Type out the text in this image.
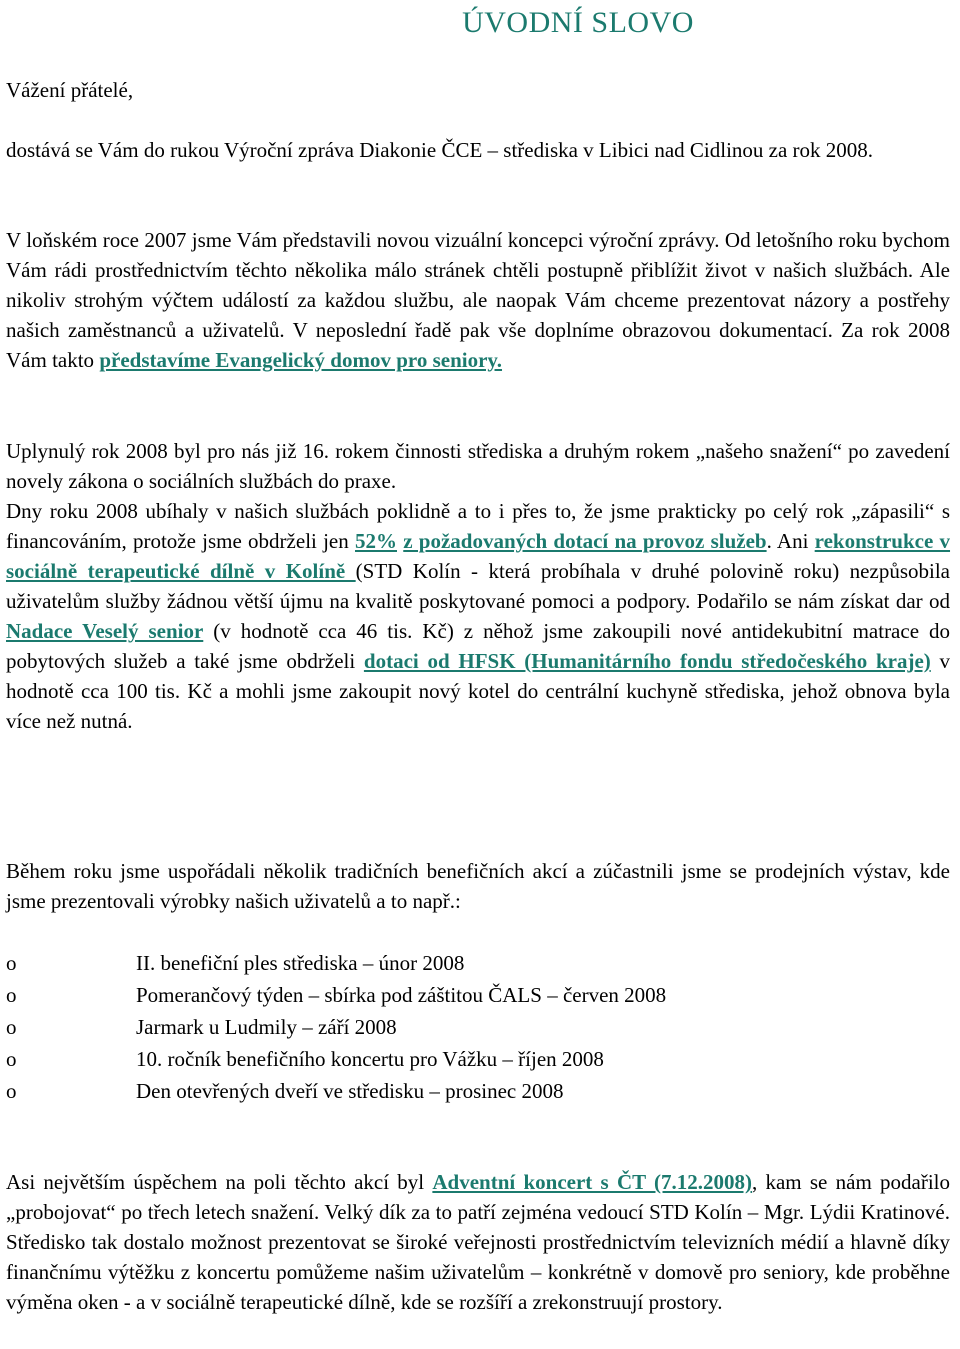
ÚVODNÍ SLOVO
Vážení přátelé,
dostává se Vám do rukou Výroční zpráva Diakonie ČCE – střediska v Libici nad Cidlinou za rok 2008.
V loňském roce 2007 jsme Vám představili novou vizuální koncepci výroční zprávy. Od letošního roku bychom Vám rádi prostřednictvím těchto několika málo stránek chtěli postupně přiblížit život v našich službách. Ale nikoliv strohým výčtem událostí za každou službu, ale naopak Vám chceme prezentovat názory a postřehy našich zaměstnanců a uživatelů. V neposlední řadě pak vše doplníme obrazovou dokumentací. Za rok 2008 Vám takto představíme Evangelický domov pro seniory.
Uplynulý rok 2008 byl pro nás již 16. rokem činnosti střediska a druhým rokem „našeho snažení“ po zavedení novely zákona o sociálních službách do praxe.
Dny roku 2008 ubíhaly v našich službách poklidně a to i přes to, že jsme prakticky po celý rok „zápasili“ s financováním, protože jsme obdrželi jen 52% z požadovaných dotací na provoz služeb. Ani rekonstrukce v sociálně terapeutické dílně v Kolíně (STD Kolín - která probíhala v druhé polovině roku) nezpůsobila uživatelům služby žádnou větší újmu na kvalitě poskytované pomoci a podpory. Podařilo se nám získat dar od Nadace Veselý senior (v hodnotě cca 46 tis. Kč) z něhož jsme zakoupili nové antidekubitní matrace do pobytových služeb a také jsme obdrželi dotaci od HFSK (Humanitárního fondu středočeského kraje) v hodnotě cca 100 tis. Kč a mohli jsme zakoupit nový kotel do centrální kuchyně střediska, jehož obnova byla více než nutná.
Během roku jsme uspořádali několik tradičních benefičních akcí a zúčastnili jsme se prodejních výstav, kde jsme prezentovali výrobky našich uživatelů a to např.:
o	II. benefiční ples střediska – únor 2008
o	Pomerančový týden – sbírka pod záštitou ČALS – červen 2008
o	Jarmark u Ludmily – září 2008
o	10. ročník benefičního koncertu pro Vážku – říjen 2008
o	Den otevřených dveří ve středisku – prosinec 2008
Asi největším úspěchem na poli těchto akcí byl Adventní koncert s ČT (7.12.2008), kam se nám podařilo „probojovat“ po třech letech snažení. Velký dík za to patří zejména vedoucí STD Kolín – Mgr. Lýdii Kratinové. Středisko tak dostalo možnost prezentovat se široké veřejnosti prostřednictvím televizních médií a hlavně díky finančnímu výtěžku z koncertu pomůžeme našim uživatelům – konkrétně v domově pro seniory, kde proběhne výměna oken - a v sociálně terapeutické dílně, kde se rozšíří a zrekonstruují prostory.
